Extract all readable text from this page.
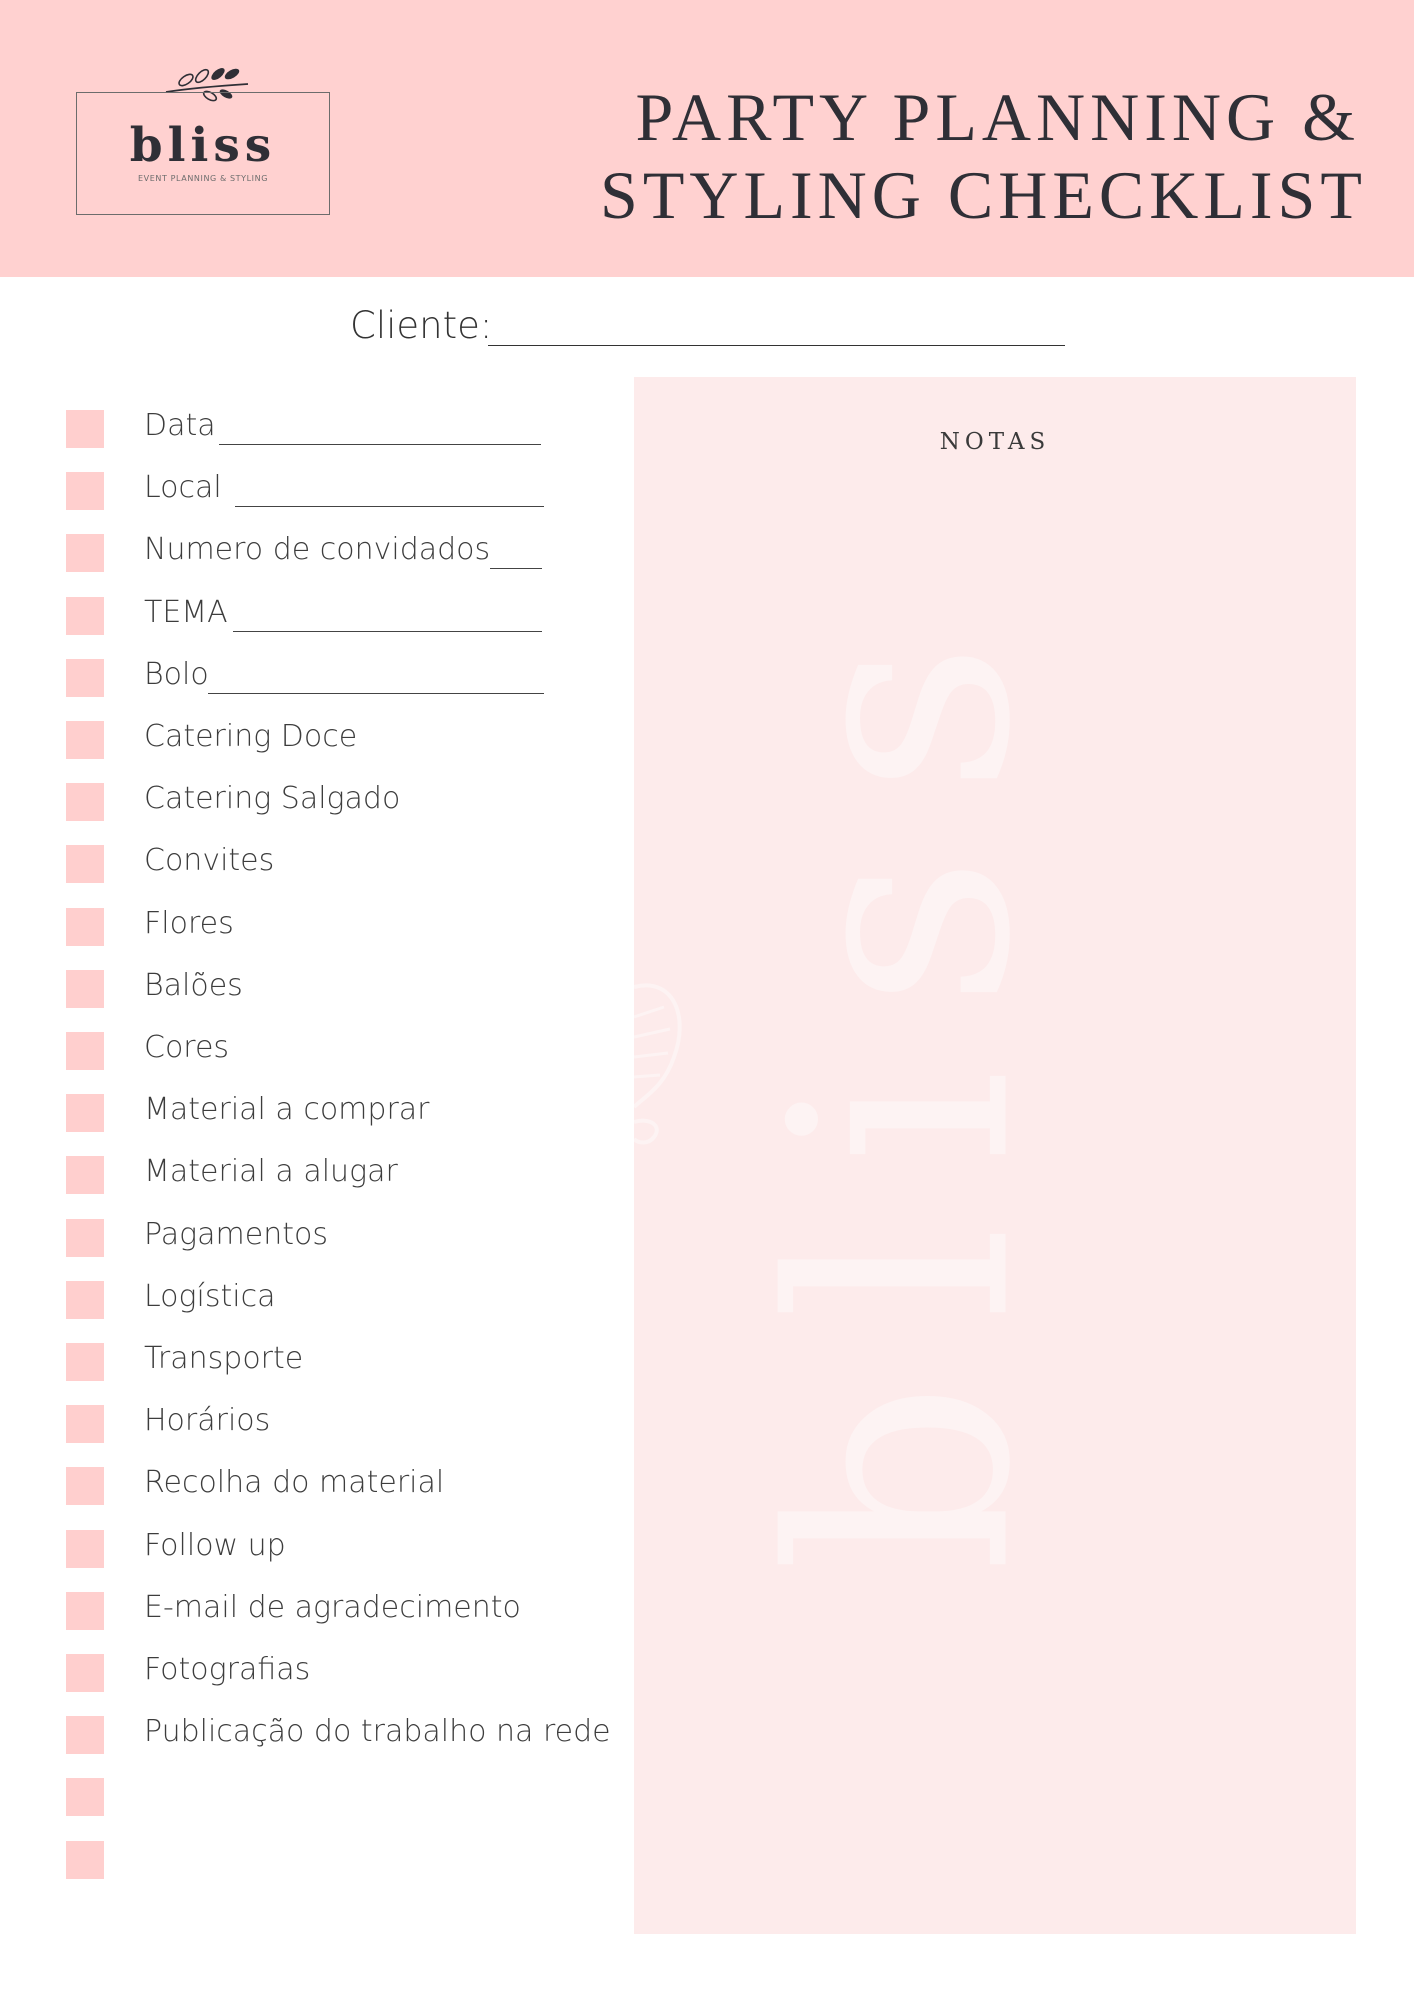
bliss
EVENT PLANNING & STYLING
PARTY PLANNING &
STYLING CHECKLIST
Cliente:
bliss
NOTAS
Data
Local
Numero de convidados
TEMA
Bolo
Catering Doce
Catering Salgado
Convites
Flores
Balões
Cores
Material a comprar
Material a alugar
Pagamentos
Logística
Transporte
Horários
Recolha do material
Follow up
E-mail de agradecimento
Fotografias
Publicação do trabalho na rede
